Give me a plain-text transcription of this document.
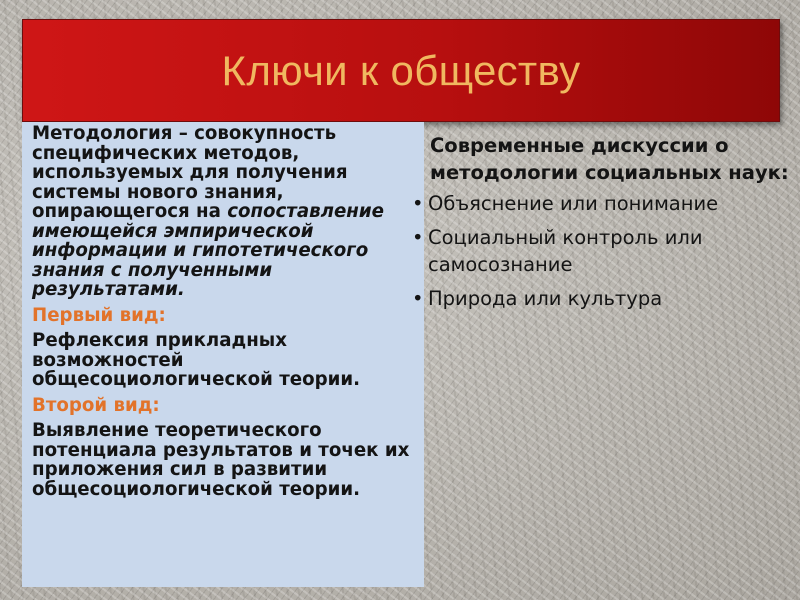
Ключи к обществу

Методология – совокупность специфических методов, используемых для получения системы нового знания, опирающегося на сопоставление имеющейся эмпирической информации и гипотетического знания с полученными результатами.

Первый вид:

Рефлексия прикладных возможностей общесоциологической теории.

Второй вид:

Выявление теоретического потенциала результатов и точек их приложения сил в развитии общесоциологической теории.

Современные дискуссии о методологии социальных наук:
• Объяснение или понимание
• Социальный контроль или самосознание
• Природа или культура
